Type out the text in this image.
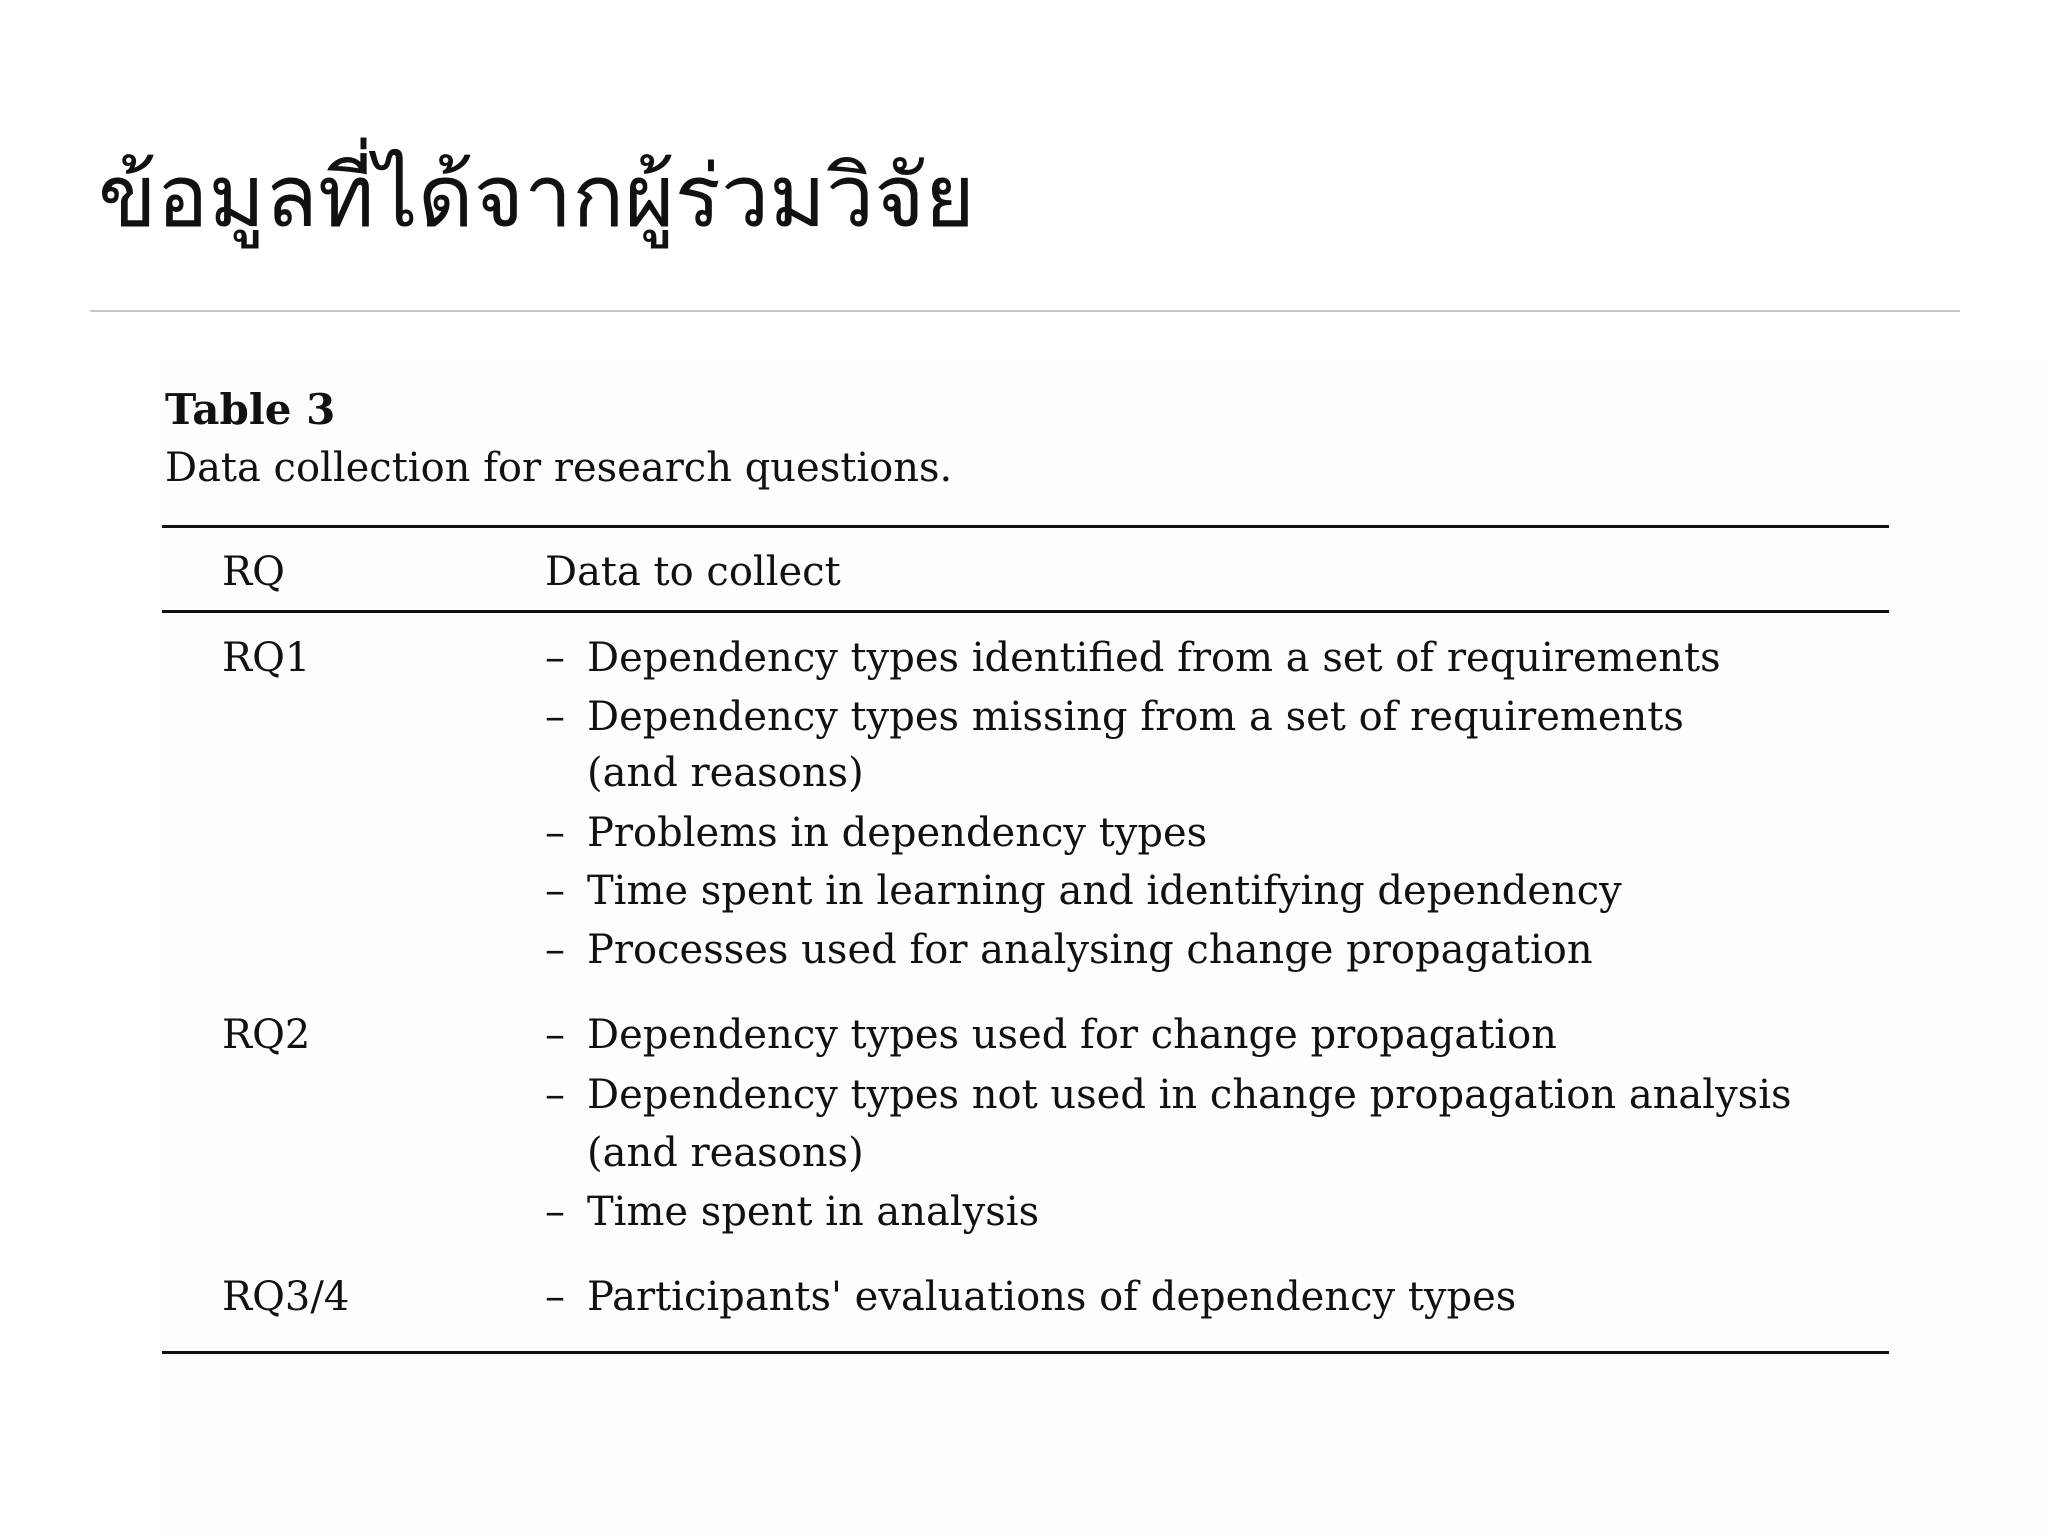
ข้อมูลที่ได้จากผู้ร่วมวิจัย
Table 3
Data collection for research questions.
RQ	Data to collect
RQ1	– Dependency types identified from a set of requirements
– Dependency types missing from a set of requirements
(and reasons)
– Problems in dependency types
– Time spent in learning and identifying dependency
– Processes used for analysing change propagation
RQ2	– Dependency types used for change propagation
– Dependency types not used in change propagation analysis
(and reasons)
– Time spent in analysis
RQ3/4	– Participants' evaluations of dependency types
